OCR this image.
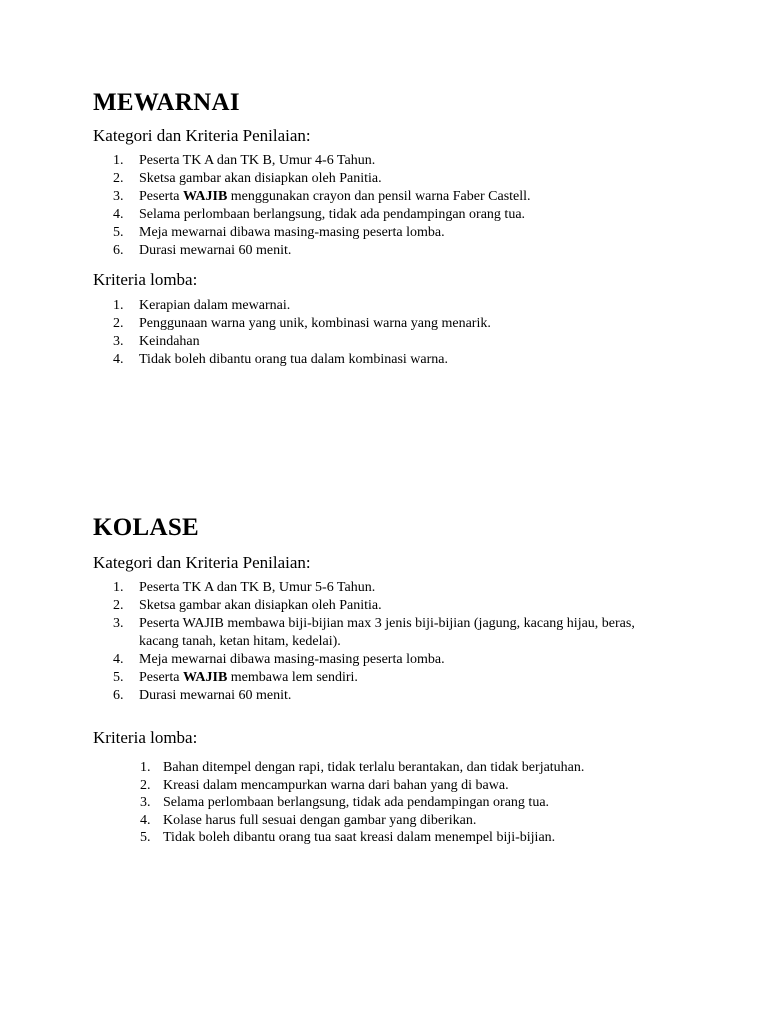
MEWARNAI

Kategori dan Kriteria Penilaian:

1. Peserta TK A dan TK B, Umur 4-6 Tahun.
2. Sketsa gambar akan disiapkan oleh Panitia.
3. Peserta WAJIB menggunakan crayon dan pensil warna Faber Castell.
4. Selama perlombaan berlangsung, tidak ada pendampingan orang tua.
5. Meja mewarnai dibawa masing-masing peserta lomba.
6. Durasi mewarnai 60 menit.

Kriteria lomba:

1. Kerapian dalam mewarnai.
2. Penggunaan warna yang unik, kombinasi warna yang menarik.
3. Keindahan
4. Tidak boleh dibantu orang tua dalam kombinasi warna.
KOLASE

Kategori dan Kriteria Penilaian:

1. Peserta TK A dan TK B, Umur 5-6 Tahun.
2. Sketsa gambar akan disiapkan oleh Panitia.
3. Peserta WAJIB membawa biji-bijian max 3 jenis biji-bijian (jagung, kacang hijau, beras, kacang tanah, ketan hitam, kedelai).
4. Meja mewarnai dibawa masing-masing peserta lomba.
5. Peserta WAJIB membawa lem sendiri.
6. Durasi mewarnai 60 menit.

Kriteria lomba:

1. Bahan ditempel dengan rapi, tidak terlalu berantakan, dan tidak berjatuhan.
2. Kreasi dalam mencampurkan warna dari bahan yang di bawa.
3. Selama perlombaan berlangsung, tidak ada pendampingan orang tua.
4. Kolase harus full sesuai dengan gambar yang diberikan.
5. Tidak boleh dibantu orang tua saat kreasi dalam menempel biji-bijian.
